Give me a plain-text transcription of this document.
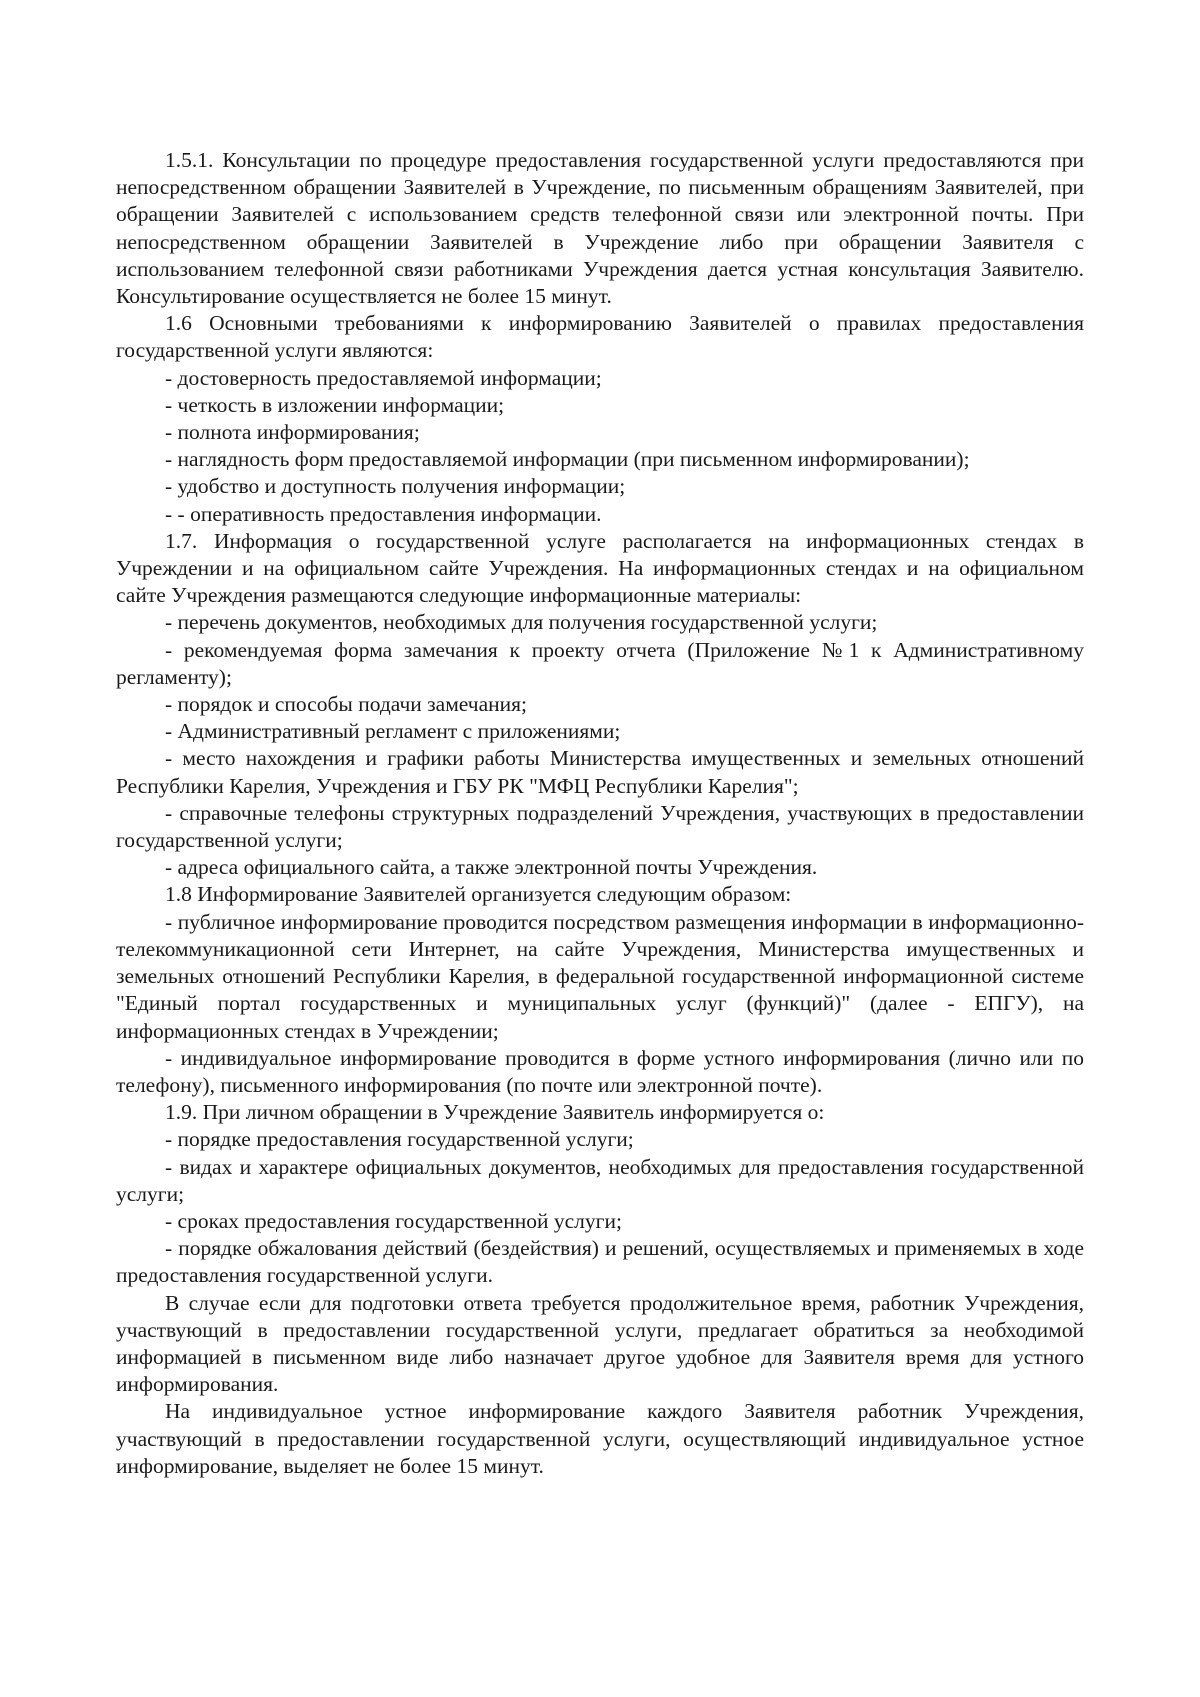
1.5.1. Консультации по процедуре предоставления государственной услуги предоставляются при непосредственном обращении Заявителей в Учреждение, по письменным обращениям Заявителей, при обращении Заявителей с использованием средств телефонной связи или электронной почты. При непосредственном обращении Заявителей в Учреждение либо при обращении Заявителя с использованием телефонной связи работниками Учреждения дается устная консультация Заявителю. Консультирование осуществляется не более 15 минут.

1.6 Основными требованиями к информированию Заявителей о правилах предоставления государственной услуги являются:

- достоверность предоставляемой информации;

- четкость в изложении информации;

- полнота информирования;

- наглядность форм предоставляемой информации (при письменном информировании);

- удобство и доступность получения информации;

- - оперативность предоставления информации.

1.7. Информация о государственной услуге располагается на информационных стендах в Учреждении и на официальном сайте Учреждения. На информационных стендах и на официальном сайте Учреждения размещаются следующие информационные материалы:

- перечень документов, необходимых для получения государственной услуги;

- рекомендуемая форма замечания к проекту отчета (Приложение №1 к Административному регламенту);

- порядок и способы подачи замечания;

- Административный регламент с приложениями;

- место нахождения и графики работы Министерства имущественных и земельных отношений Республики Карелия, Учреждения и ГБУ РК "МФЦ Республики Карелия";

- справочные телефоны структурных подразделений Учреждения, участвующих в предоставлении государственной услуги;

- адреса официального сайта, а также электронной почты Учреждения.

1.8 Информирование Заявителей организуется следующим образом:

- публичное информирование проводится посредством размещения информации в информационно-телекоммуникационной сети Интернет, на сайте Учреждения, Министерства имущественных и земельных отношений Республики Карелия, в федеральной государственной информационной системе "Единый портал государственных и муниципальных услуг (функций)" (далее - ЕПГУ), на информационных стендах в Учреждении;

- индивидуальное информирование проводится в форме устного информирования (лично или по телефону), письменного информирования (по почте или электронной почте).

1.9. При личном обращении в Учреждение Заявитель информируется о:

- порядке предоставления государственной услуги;

- видах и характере официальных документов, необходимых для предоставления государственной услуги;

- сроках предоставления государственной услуги;

- порядке обжалования действий (бездействия) и решений, осуществляемых и применяемых в ходе предоставления государственной услуги.

В случае если для подготовки ответа требуется продолжительное время, работник Учреждения, участвующий в предоставлении государственной услуги, предлагает обратиться за необходимой информацией в письменном виде либо назначает другое удобное для Заявителя время для устного информирования.

На индивидуальное устное информирование каждого Заявителя работник Учреждения, участвующий в предоставлении государственной услуги, осуществляющий индивидуальное устное информирование, выделяет не более 15 минут.
